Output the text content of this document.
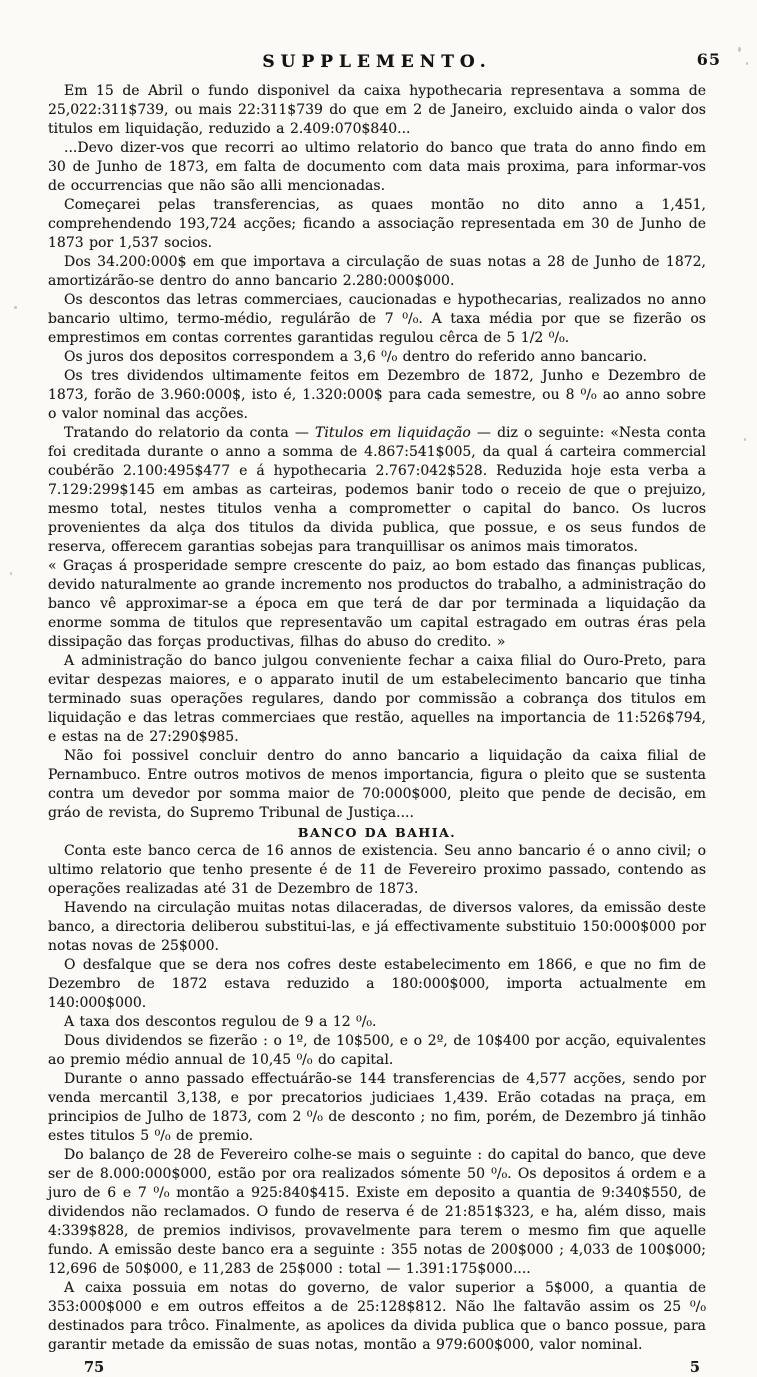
SUPPLEMENTO.	65

Em 15 de Abril o fundo disponivel da caixa hypothecaria representava a somma de 25,022:311$739, ou mais 22:311$739 do que em 2 de Janeiro, excluido ainda o valor dos titulos em liquidação, reduzido a 2.409:070$840...

...Devo dizer-vos que recorri ao ultimo relatorio do banco que trata do anno findo em 30 de Junho de 1873, em falta de documento com data mais proxima, para informar-vos de occurrencias que não são alli mencionadas.

Começarei pelas transferencias, as quaes montão no dito anno a 1,451, comprehendendo 193,724 acções; ficando a associação representada em 30 de Junho de 1873 por 1,537 socios.

Dos 34.200:000$ em que importava a circulação de suas notas a 28 de Junho de 1872, amortizárão-se dentro do anno bancario 2.280:000$000.

Os descontos das letras commerciaes, caucionadas e hypothecarias, realizados no anno bancario ultimo, termo-médio, regulárão de 7 ⁰/₀. A taxa média por que se fizerão os emprestimos em contas correntes garantidas regulou cêrca de 5 1/2 ⁰/₀.

Os juros dos depositos correspondem a 3,6 ⁰/₀ dentro do referido anno bancario.

Os tres dividendos ultimamente feitos em Dezembro de 1872, Junho e Dezembro de 1873, forão de 3.960:000$, isto é, 1.320:000$ para cada semestre, ou 8 ⁰/₀ ao anno sobre o valor nominal das acções.

Tratando do relatorio da conta — Titulos em liquidação — diz o seguinte: «Nesta conta foi creditada durante o anno a somma de 4.867:541$005, da qual á carteira commercial coubérão 2.100:495$477 e á hypothecaria 2.767:042$528. Reduzida hoje esta verba a 7.129:299$145 em ambas as carteiras, podemos banir todo o receio de que o prejuizo, mesmo total, nestes titulos venha a comprometter o capital do banco. Os lucros provenientes da alça dos titulos da divida publica, que possue, e os seus fundos de reserva, offerecem garantias sobejas para tranquillisar os animos mais timoratos.

« Graças á prosperidade sempre crescente do paiz, ao bom estado das finanças publicas, devido naturalmente ao grande incremento nos productos do trabalho, a administração do banco vê approximar-se a época em que terá de dar por terminada a liquidação da enorme somma de titulos que representavão um capital estragado em outras éras pela dissipação das forças productivas, filhas do abuso do credito. »

A administração do banco julgou conveniente fechar a caixa filial do Ouro-Preto, para evitar despezas maiores, e o apparato inutil de um estabelecimento bancario que tinha terminado suas operações regulares, dando por commissão a cobrança dos titulos em liquidação e das letras commerciaes que restão, aquelles na importancia de 11:526$794, e estas na de 27:290$985.

Não foi possivel concluir dentro do anno bancario a liquidação da caixa filial de Pernambuco. Entre outros motivos de menos importancia, figura o pleito que se sustenta contra um devedor por somma maior de 70:000$000, pleito que pende de decisão, em gráo de revista, do Supremo Tribunal de Justiça....

BANCO DA BAHIA.

Conta este banco cerca de 16 annos de existencia. Seu anno bancario é o anno civil; o ultimo relatorio que tenho presente é de 11 de Fevereiro proximo passado, contendo as operações realizadas até 31 de Dezembro de 1873.

Havendo na circulação muitas notas dilaceradas, de diversos valores, da emissão deste banco, a directoria deliberou substitui-las, e já effectivamente substituio 150:000$000 por notas novas de 25$000.

O desfalque que se dera nos cofres deste estabelecimento em 1866, e que no fim de Dezembro de 1872 estava reduzido a 180:000$000, importa actualmente em 140:000$000.

A taxa dos descontos regulou de 9 a 12 ⁰/₀.

Dous dividendos se fizerão : o 1º, de 10$500, e o 2º, de 10$400 por acção, equivalentes ao premio médio annual de 10,45 ⁰/₀ do capital.

Durante o anno passado effectuárão-se 144 transferencias de 4,577 acções, sendo por venda mercantil 3,138, e por precatorios judiciaes 1,439. Erão cotadas na praça, em principios de Julho de 1873, com 2 ⁰/₀ de desconto ; no fim, porém, de Dezembro já tinhão estes titulos 5 ⁰/₀ de premio.

Do balanço de 28 de Fevereiro colhe-se mais o seguinte : do capital do banco, que deve ser de 8.000:000$000, estão por ora realizados sómente 50 ⁰/₀. Os depositos á ordem e a juro de 6 e 7 ⁰/₀ montão a 925:840$415. Existe em deposito a quantia de 9:340$550, de dividendos não reclamados. O fundo de reserva é de 21:851$323, e ha, além disso, mais 4:339$828, de premios indivisos, provavelmente para terem o mesmo fim que aquelle fundo. A emissão deste banco era a seguinte : 355 notas de 200$000 ; 4,033 de 100$000; 12,696 de 50$000, e 11,283 de 25$000 : total — 1.391:175$000....

A caixa possuia em notas do governo, de valor superior a 5$000, a quantia de 353:000$000 e em outros effeitos a de 25:128$812. Não lhe faltavão assim os 25 ⁰/₀ destinados para trôco. Finalmente, as apolices da divida publica que o banco possue, para garantir metade da emissão de suas notas, montão a 979:600$000, valor nominal.

75	5
